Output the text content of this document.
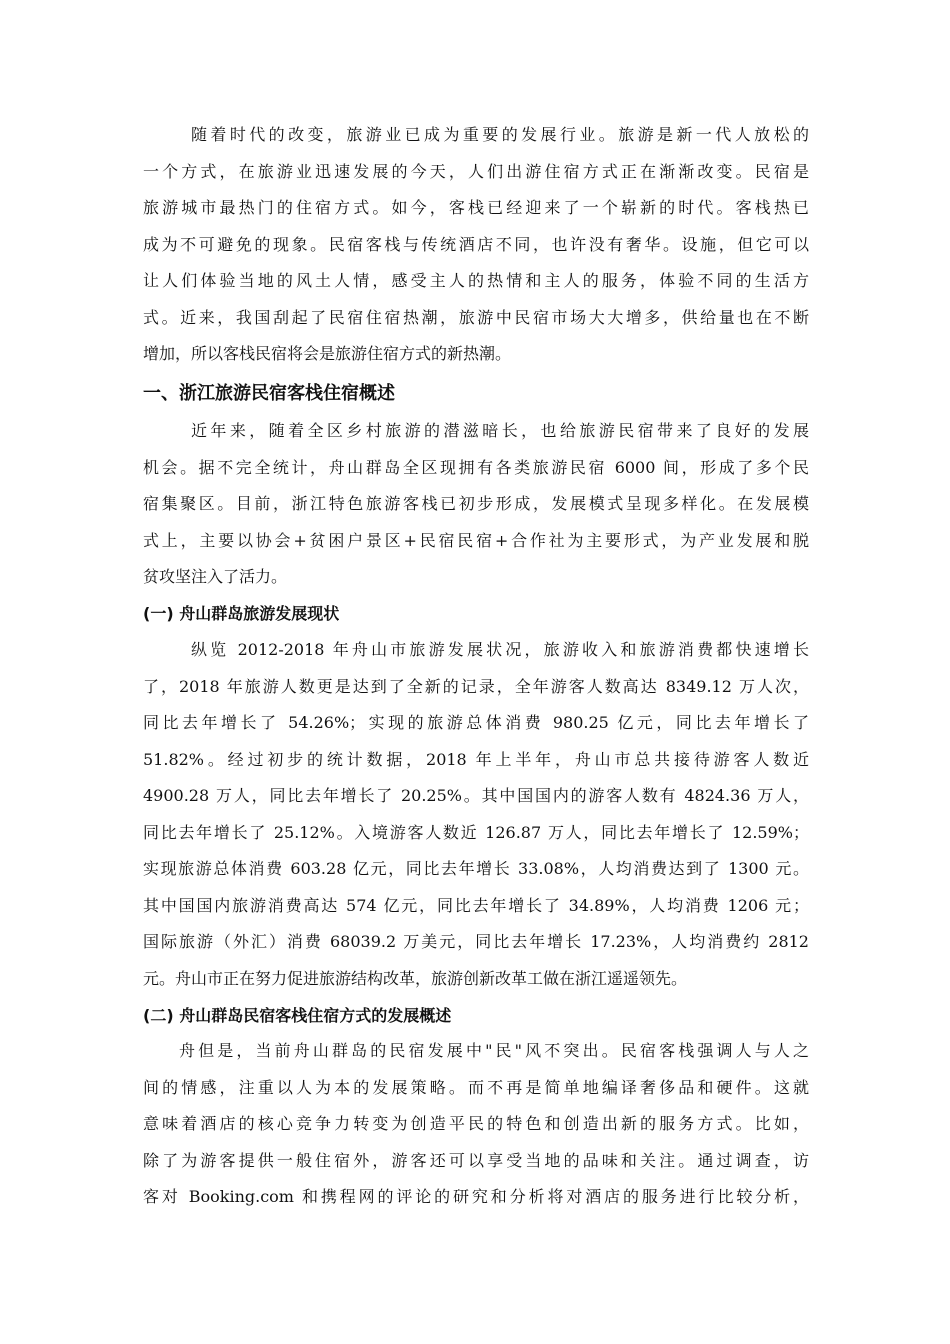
随着时代的改变，旅游业已成为重要的发展行业。旅游是新一代人放松的
一个方式，在旅游业迅速发展的今天，人们出游住宿方式正在渐渐改变。民宿是
旅游城市最热门的住宿方式。如今，客栈已经迎来了一个崭新的时代。客栈热已
成为不可避免的现象。民宿客栈与传统酒店不同，也许没有奢华。设施，但它可以
让人们体验当地的风土人情，感受主人的热情和主人的服务，体验不同的生活方
式。近来，我国刮起了民宿住宿热潮，旅游中民宿市场大大增多，供给量也在不断
增加，所以客栈民宿将会是旅游住宿方式的新热潮。
一、浙江旅游民宿客栈住宿概述
近年来，随着全区乡村旅游的潜滋暗长，也给旅游民宿带来了良好的发展
机会。据不完全统计，舟山群岛全区现拥有各类旅游民宿 6000 间，形成了多个民
宿集聚区。目前，浙江特色旅游客栈已初步形成，发展模式呈现多样化。在发展模
式上，主要以协会+贫困户景区+民宿民宿+合作社为主要形式，为产业发展和脱
贫攻坚注入了活力。
(一) 舟山群岛旅游发展现状
纵览 2012-2018 年舟山市旅游发展状况，旅游收入和旅游消费都快速增长
了，2018 年旅游人数更是达到了全新的记录，全年游客人数高达 8349.12 万人次，
同比去年增长了 54.26%；实现的旅游总体消费 980.25 亿元，同比去年增长了
51.82%。经过初步的统计数据，2018 年上半年，舟山市总共接待游客人数近
4900.28 万人，同比去年增长了 20.25%。其中国国内的游客人数有 4824.36 万人，
同比去年增长了 25.12%。入境游客人数近 126.87 万人，同比去年增长了 12.59%；
实现旅游总体消费 603.28 亿元，同比去年增长 33.08%，人均消费达到了 1300 元。
其中国国内旅游消费高达 574 亿元，同比去年增长了 34.89%，人均消费 1206 元；
国际旅游（外汇）消费 68039.2 万美元，同比去年增长 17.23%，人均消费约 2812
元。舟山市正在努力促进旅游结构改革，旅游创新改革工做在浙江遥遥领先。
(二) 舟山群岛民宿客栈住宿方式的发展概述
舟但是，当前舟山群岛的民宿发展中"民"风不突出。民宿客栈强调人与人之
间的情感，注重以人为本的发展策略。而不再是简单地编译奢侈品和硬件。这就
意味着酒店的核心竞争力转变为创造平民的特色和创造出新的服务方式。比如，
除了为游客提供一般住宿外，游客还可以享受当地的品味和关注。通过调查，访
客对 Booking.com 和携程网的评论的研究和分析将对酒店的服务进行比较分析，
